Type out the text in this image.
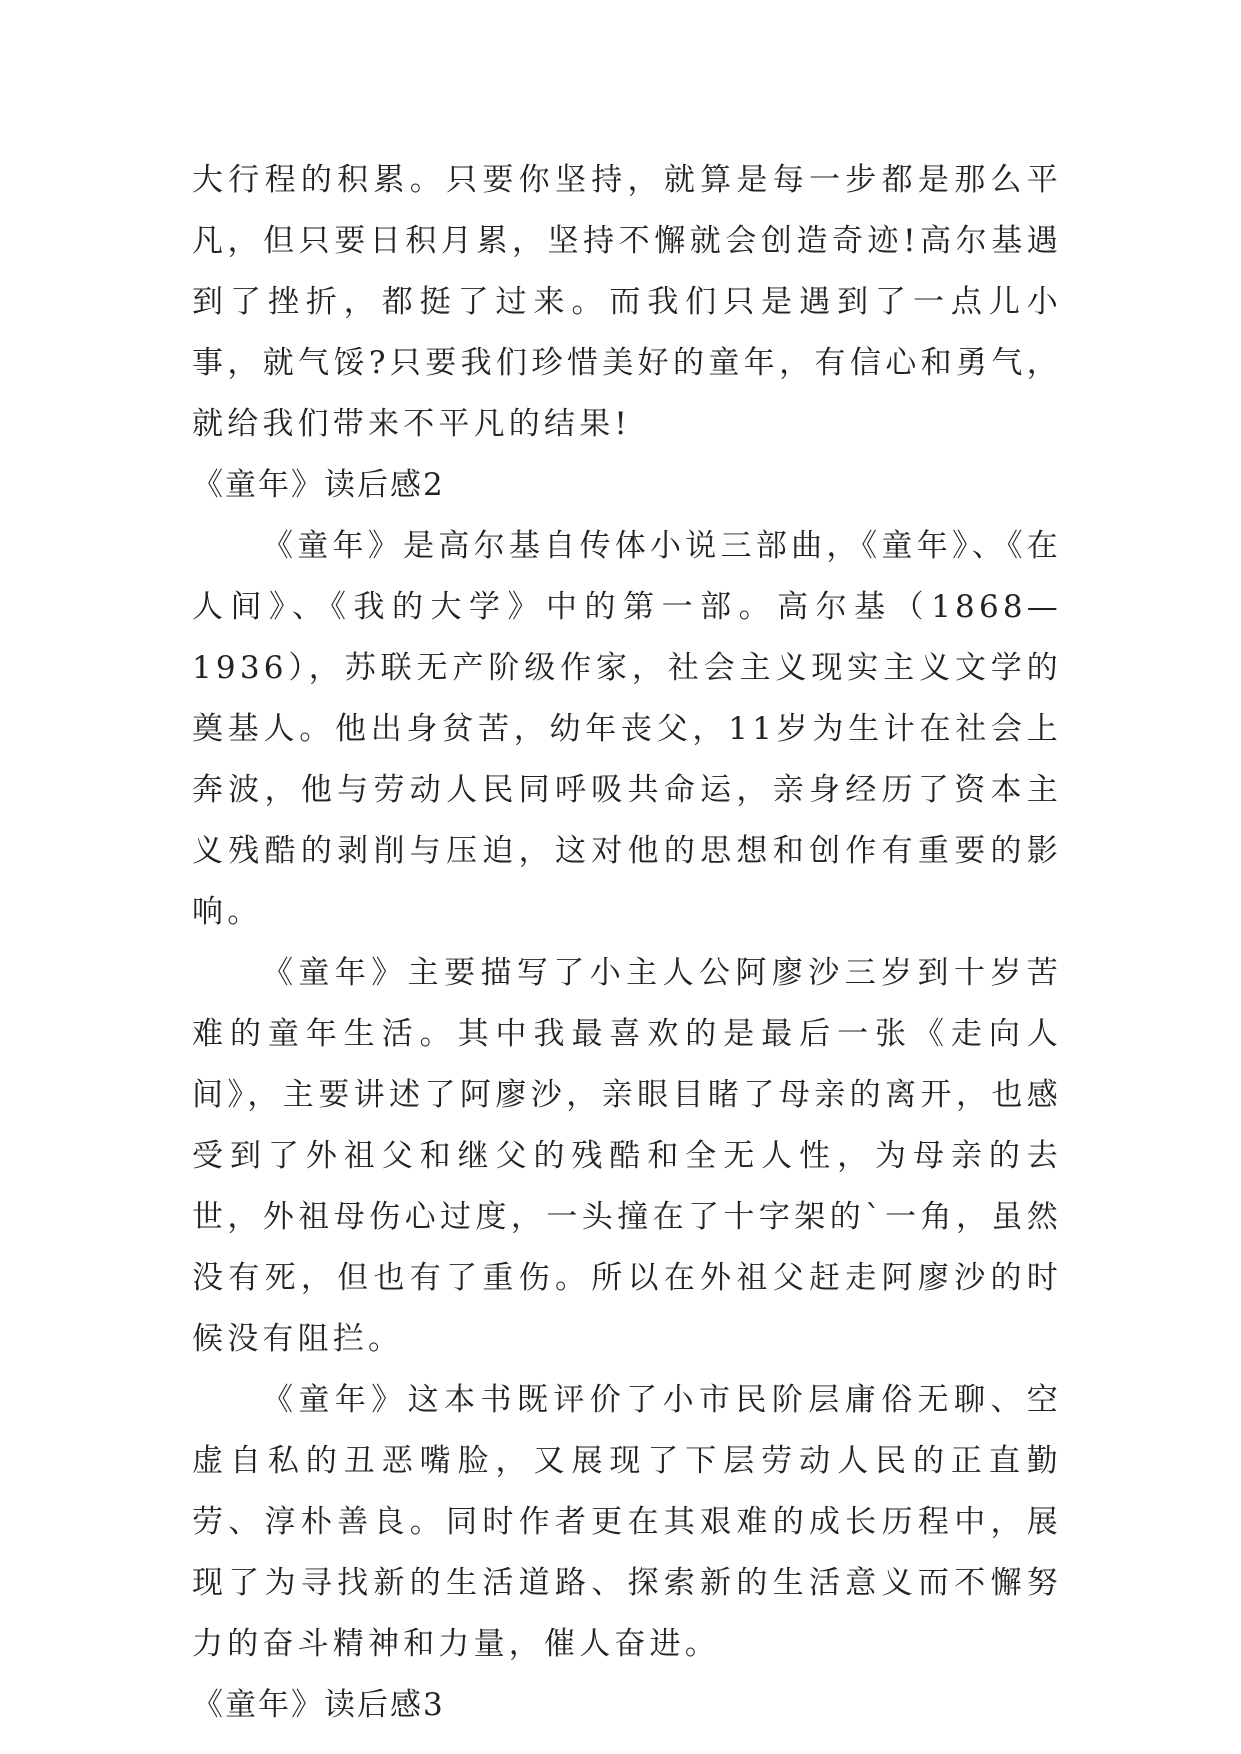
大行程的积累。只要你坚持，就算是每一步都是那么平凡，但只要日积月累，坚持不懈就会创造奇迹!高尔基遇到了挫折，都挺了过来。而我们只是遇到了一点儿小事，就气馁?只要我们珍惜美好的童年，有信心和勇气，就给我们带来不平凡的结果!

《童年》读后感2

《童年》是高尔基自传体小说三部曲，《童年》、《在人间》、《我的大学》中的第一部。高尔基（1868—1936），苏联无产阶级作家，社会主义现实主义文学的奠基人。他出身贫苦，幼年丧父，11岁为生计在社会上奔波，他与劳动人民同呼吸共命运，亲身经历了资本主义残酷的剥削与压迫，这对他的思想和创作有重要的影响。

《童年》主要描写了小主人公阿廖沙三岁到十岁苦难的童年生活。其中我最喜欢的是最后一张《走向人间》，主要讲述了阿廖沙，亲眼目睹了母亲的离开，也感受到了外祖父和继父的残酷和全无人性，为母亲的去世，外祖母伤心过度，一头撞在了十字架的`一角，虽然没有死，但也有了重伤。所以在外祖父赶走阿廖沙的时候没有阻拦。

《童年》这本书既评价了小市民阶层庸俗无聊、空虚自私的丑恶嘴脸，又展现了下层劳动人民的正直勤劳、淳朴善良。同时作者更在其艰难的成长历程中，展现了为寻找新的生活道路、探索新的生活意义而不懈努力的奋斗精神和力量，催人奋进。

《童年》读后感3
